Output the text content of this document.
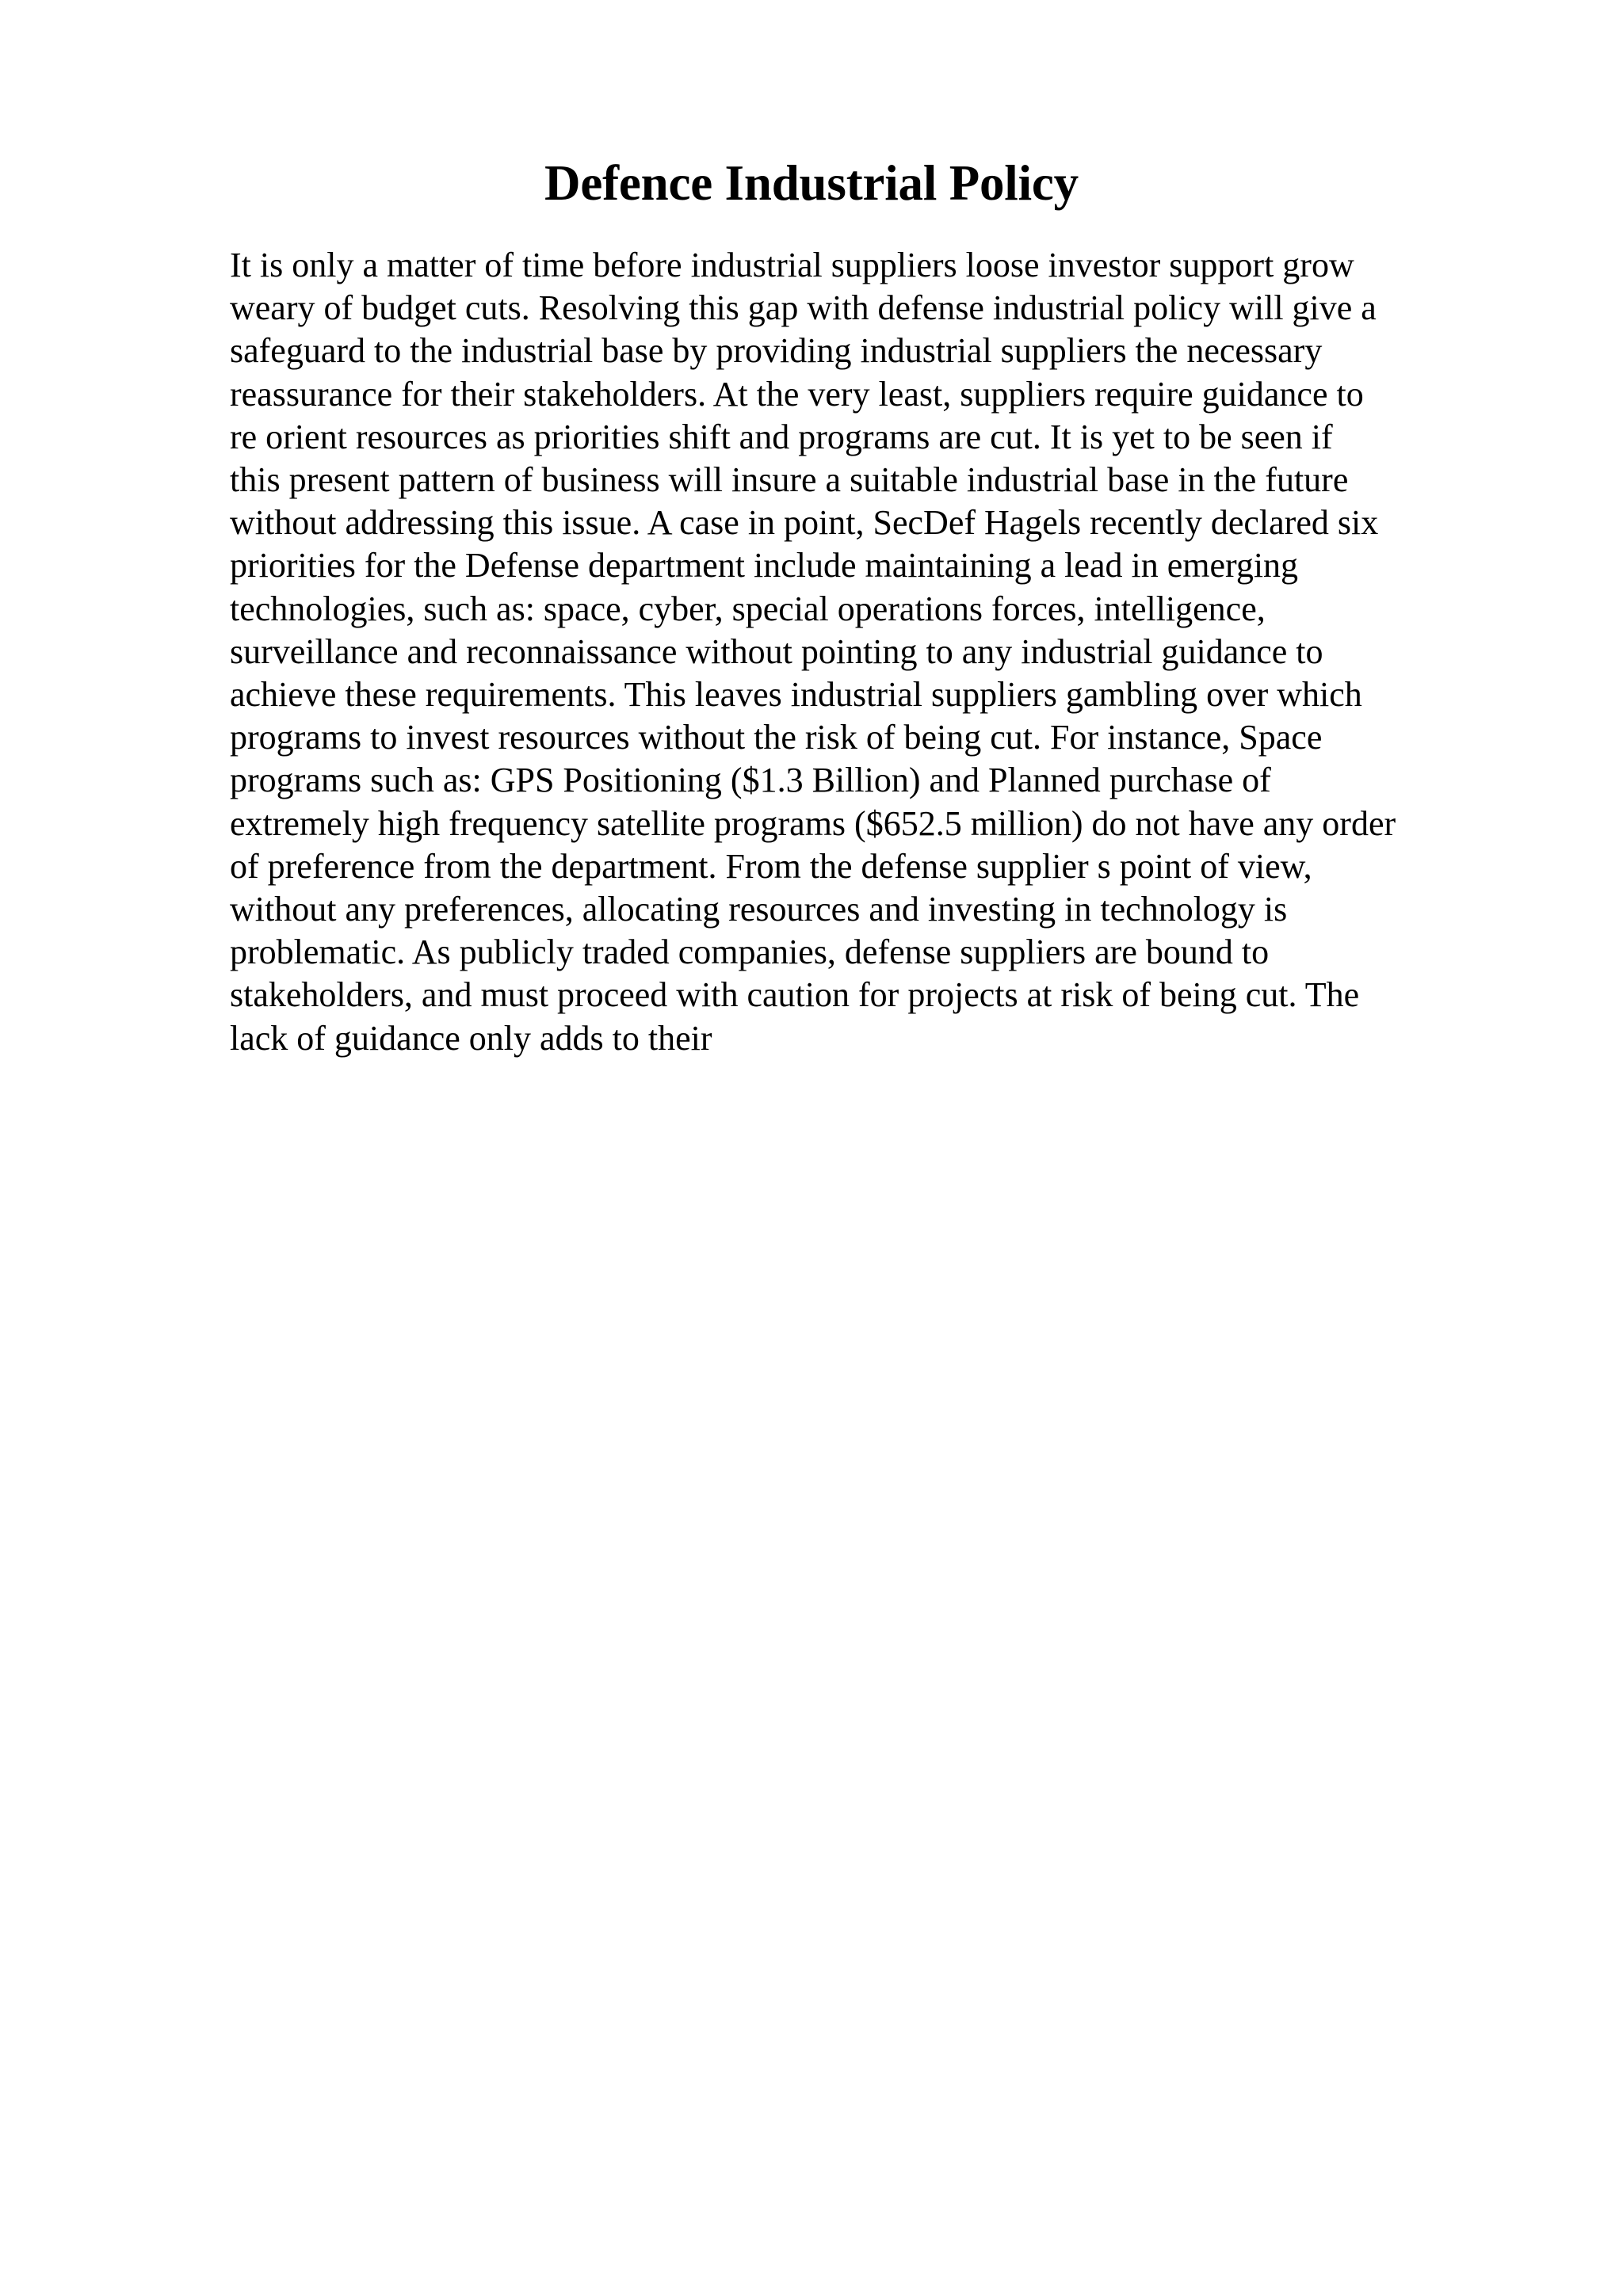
Defence Industrial Policy
It is only a matter of time before industrial suppliers loose investor support grow
weary of budget cuts. Resolving this gap with defense industrial policy will give a
safeguard to the industrial base by providing industrial suppliers the necessary
reassurance for their stakeholders. At the very least, suppliers require guidance to
re orient resources as priorities shift and programs are cut. It is yet to be seen if
this present pattern of business will insure a suitable industrial base in the future
without addressing this issue. A case in point, SecDef Hagels recently declared six
priorities for the Defense department include maintaining a lead in emerging
technologies, such as: space, cyber, special operations forces, intelligence,
surveillance and reconnaissance without pointing to any industrial guidance to
achieve these requirements. This leaves industrial suppliers gambling over which
programs to invest resources without the risk of being cut. For instance, Space
programs such as: GPS Positioning ($1.3 Billion) and Planned purchase of
extremely high frequency satellite programs ($652.5 million) do not have any order
of preference from the department. From the defense supplier s point of view,
without any preferences, allocating resources and investing in technology is
problematic. As publicly traded companies, defense suppliers are bound to
stakeholders, and must proceed with caution for projects at risk of being cut. The
lack of guidance only adds to their
